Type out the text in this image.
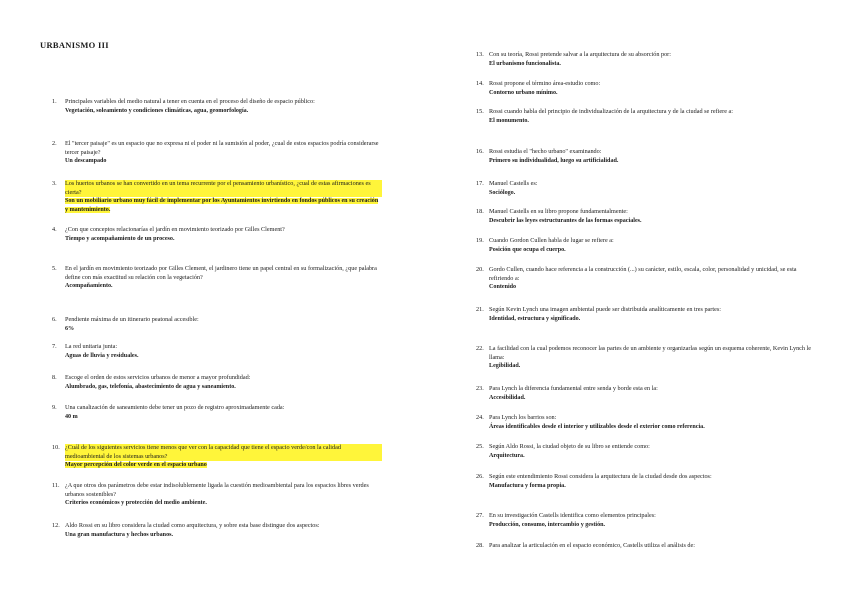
URBANISMO III
1.	Principales variables del medio natural a tener en cuenta en el proceso del diseño de espacio público:
Vegetación, soleamiento y condiciones climáticas, agua, geomorfología.
2.	El "tercer paisaje" es un espacio que no expresa ni el poder ni la sumisión al poder, ¿cual de estos espacios podría considerarse tercer paisaje?
Un descampado
3.	Los huertos urbanos se han convertido en un tema recurrente por el pensamiento urbanístico, ¿cual de estas afirmaciones es cierta?
Son un mobiliario urbano muy fácil de implementar por los Ayuntamientos invirtiendo en fondos públicos en su creación y mantenimiento.
4.	¿Con que conceptos relacionarías el jardín en movimiento teorizado por Gilles Clement?
Tiempo y acompañamiento de un proceso.
5.	En el jardín en movimiento teorizado por Gilles Clement, el jardinero tiene un papel central en su formalización, ¿que palabra define con más exactitud su relación con la vegetación?
Acompañamiento.
6.	Pendiente máxima de un itinerario peatonal accesible:
6%
7.	La red unitaria junta:
Aguas de lluvia y residuales.
8.	Escoge el orden de estos servicios urbanos de menor a mayor profundidad:
Alumbrado, gas, telefonía, abastecimiento de agua y saneamiento.
9.	Una canalización de saneamiento debe tener un pozo de registro aproximadamente cada:
40 m
10. ¿Cuál de los siguientes servicios tiene menos que ver con la capacidad que tiene el espacio verde/con la calidad medioambiental de los sistemas urbanos?
Mayor percepción del color verde en el espacio urbano
11. ¿A que otros dos parámetros debe estar indisolublemente ligada la cuestión medioambiental para los espacios libres verdes urbanos sostenibles?
Criterios económicos y protección del medio ambiente.
12. Aldo Rossi en su libro considera la ciudad como arquitectura, y sobre esta base distingue dos aspectos:
Una gran manufactura y hechos urbanos.
13. Con su teoría, Rossi pretende salvar a la arquitectura de su absorción por:
El urbanismo funcionalista.
14. Rossi propone el término área-estudio como:
Contorno urbano mínimo.
15. Rossi cuando habla del principio de individualización de la arquitectura y de la ciudad se refiere a:
El monumento.
16. Rossi estudia el "hecho urbano" examinando:
Primero su individualidad, luego su artificialidad.
17. Manuel Castells es:
Sociólogo.
18. Manuel Castells en su libro propone fundamentalmente:
Descubrir las leyes estructurantes de las formas espaciales.
19. Cuando Gordon Cullen habla de lugar se refiere a:
Posición que ocupa el cuerpo.
20. Gordo Cullen, cuando hace referencia a la construcción (...) su carácter, estilo, escala, color, personalidad y unicidad, se esta refiriendo a:
Contenido
21. Según Kevin Lynch una imagen ambiental puede ser distribuida analíticamente en tres partes:
Identidad, estructura y significado.
22. La facilidad con la cual podemos reconocer las partes de un ambiente y organizarlas según un esquema coherente, Kevin Lynch le llama:
Legibilidad.
23. Para Lynch la diferencia fundamental entre senda y borde esta en la:
Accesibilidad.
24. Para Lynch los barrios son:
Áreas identificables desde el interior y utilizables desde el exterior como referencia.
25. Según Aldo Rossi, la ciudad objeto de su libro se entiende como:
Arquitectura.
26. Según este entendimiento Rossi considera la arquitectura de la ciudad desde dos aspectos:
Manufactura y forma propia.
27. En su investigación Castells identifica como elementos principales:
Producción, consumo, intercambio y gestión.
28. Para analizar la articulación en el espacio económico, Castells utiliza el análisis de:
